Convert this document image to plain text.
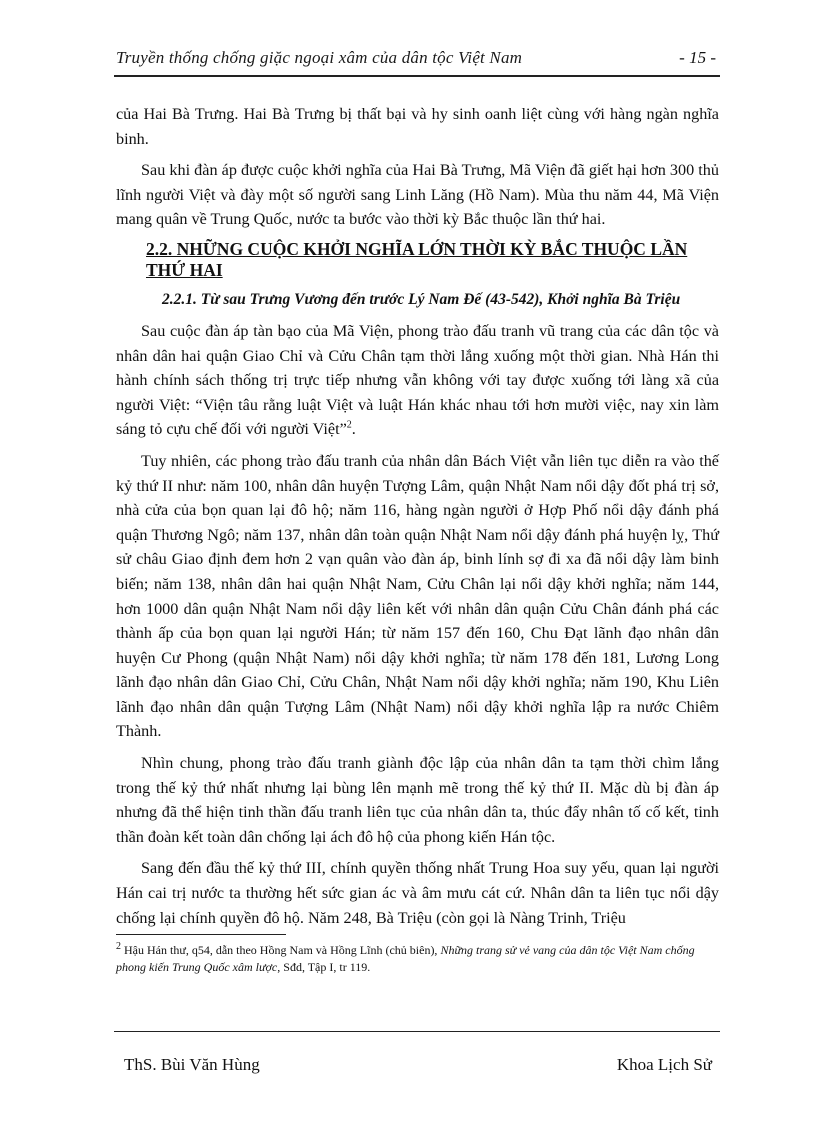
Truyền thống chống giặc ngoại xâm của dân tộc Việt Nam	- 15 -

của Hai Bà Trưng. Hai Bà Trưng bị thất bại và hy sinh oanh liệt cùng với hàng ngàn nghĩa binh.

Sau khi đàn áp được cuộc khởi nghĩa của Hai Bà Trưng, Mã Viện đã giết hại hơn 300 thủ lĩnh người Việt và đày một số người sang Linh Lăng (Hồ Nam). Mùa thu năm 44, Mã Viện mang quân về Trung Quốc, nước ta bước vào thời kỳ Bắc thuộc lần thứ hai.

2.2. NHỮNG CUỘC KHỞI NGHĨA LỚN THỜI KỲ BẮC THUỘC LẦN THỨ HAI
2.2.1. Từ sau Trưng Vương đến trước Lý Nam Đế (43-542), Khởi nghĩa Bà Triệu

Sau cuộc đàn áp tàn bạo của Mã Viện, phong trào đấu tranh vũ trang của các dân tộc và nhân dân hai quận Giao Chỉ và Cửu Chân tạm thời lắng xuống một thời gian. Nhà Hán thi hành chính sách thống trị trực tiếp nhưng vẫn không với tay được xuống tới làng xã của người Việt: “Viện tâu rằng luật Việt và luật Hán khác nhau tới hơn mười việc, nay xin làm sáng tỏ cựu chế đối với người Việt”$^2$.

Tuy nhiên, các phong trào đấu tranh của nhân dân Bách Việt vẫn liên tục diễn ra vào thế kỷ thứ II như: năm 100, nhân dân huyện Tượng Lâm, quận Nhật Nam nổi dậy đốt phá trị sở, nhà cửa của bọn quan lại đô hộ; năm 116, hàng ngàn người ở Hợp Phố nổi dậy đánh phá quận Thương Ngô; năm 137, nhân dân toàn quận Nhật Nam nổi dậy đánh phá huyện lỵ, Thứ sử châu Giao định đem hơn 2 vạn quân vào đàn áp, binh lính sợ đi xa đã nổi dậy làm binh biến; năm 138, nhân dân hai quận Nhật Nam, Cửu Chân lại nổi dậy khởi nghĩa; năm 144, hơn 1000 dân quận Nhật Nam nổi dậy liên kết với nhân dân quận Cửu Chân đánh phá các thành ấp của bọn quan lại người Hán; từ năm 157 đến 160, Chu Đạt lãnh đạo nhân dân huyện Cư Phong (quận Nhật Nam) nổi dậy khởi nghĩa; từ năm 178 đến 181, Lương Long lãnh đạo nhân dân Giao Chỉ, Cửu Chân, Nhật Nam nổi dậy khởi nghĩa; năm 190, Khu Liên lãnh đạo nhân dân quận Tượng Lâm (Nhật Nam) nổi dậy khởi nghĩa lập ra nước Chiêm Thành.

Nhìn chung, phong trào đấu tranh giành độc lập của nhân dân ta tạm thời chìm lắng trong thế kỷ thứ nhất nhưng lại bùng lên mạnh mẽ trong thế kỷ thứ II. Mặc dù bị đàn áp nhưng đã thể hiện tinh thần đấu tranh liên tục của nhân dân ta, thúc đẩy nhân tố cố kết, tinh thần đoàn kết toàn dân chống lại ách đô hộ của phong kiến Hán tộc.

Sang đến đầu thế kỷ thứ III, chính quyền thống nhất Trung Hoa suy yếu, quan lại người Hán cai trị nước ta thường hết sức gian ác và âm mưu cát cứ. Nhân dân ta liên tục nổi dậy chống lại chính quyền đô hộ. Năm 248, Bà Triệu (còn gọi là Nàng Trinh, Triệu

$^2$ Hậu Hán thư, q54, dẫn theo Hồng Nam và Hồng Lĩnh (chủ biên), Những trang sử vẻ vang của dân tộc Việt Nam chống phong kiến Trung Quốc xâm lược, Sđd, Tập I, tr 119.
ThS. Bùi Văn Hùng	Khoa Lịch Sử
